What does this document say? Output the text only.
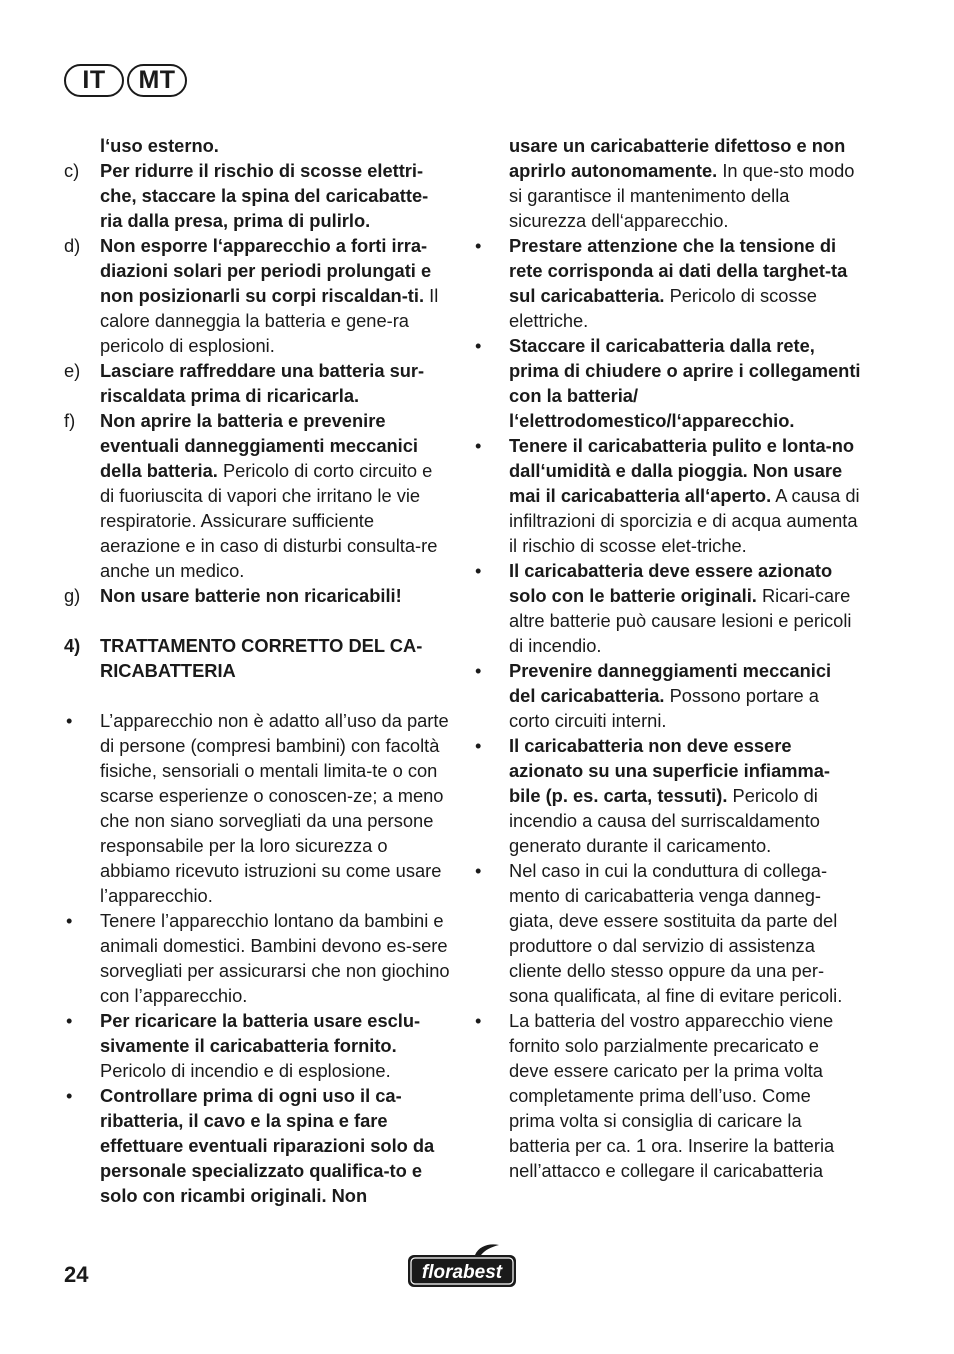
IT	MT
l‘uso esterno.
c)	Per ridurre il rischio di scosse elettri-che, staccare la spina del caricabatte-ria dalla presa, prima di pulirlo.
d)	Non esporre l‘apparecchio a forti irra-diazioni solari per periodi prolungati e non posizionarli su corpi riscaldan-ti. Il calore danneggia la batteria e gene-ra pericolo di esplosioni.
e)	Lasciare raffreddare una batteria sur-riscaldata prima di ricaricarla.
f)	Non aprire la batteria e prevenire eventuali danneggiamenti meccanici della batteria. Pericolo di corto circuito e di fuoriuscita di vapori che irritano le vie respiratorie. Assicurare sufficiente aerazione e in caso di disturbi consulta-re anche un medico.
g)	Non usare batterie non ricaricabili!
4)	TRATTAMENTO CORRETTO DEL CA-RICABATTERIA
•	L’apparecchio non è adatto all’uso da parte di persone (compresi bambini) con facoltà fisiche, sensoriali o mentali limita-te o con scarse esperienze o conoscen-ze; a meno che non siano sorvegliati da una persone responsabile per la loro sicurezza o abbiamo ricevuto istruzioni su come usare l’apparecchio.
•	Tenere l’apparecchio lontano da bambini e animali domestici. Bambini devono es-sere sorvegliati per assicurarsi che non giochino con l’apparecchio.
•	Per ricaricare la batteria usare esclu-sivamente il caricabatteria fornito. Pericolo di incendio e di esplosione.
•	Controllare prima di ogni uso il ca-ribatteria, il cavo e la spina e fare effettuare eventuali riparazioni solo da personale specializzato qualifica-to e solo con ricambi originali. Non
usare un caricabatterie difettoso e non aprirlo autonomamente. In que-sto modo si garantisce il mantenimento della sicurezza dell‘apparecchio.
•	Prestare attenzione che la tensione di rete corrisponda ai dati della targhet-ta sul caricabatteria. Pericolo di scosse elettriche.
•	Staccare il caricabatteria dalla rete, prima di chiudere o aprire i collegamenti con la batteria/ l‘elettrodomestico/l‘apparecchio.
•	Tenere il caricabatteria pulito e lonta-no dall‘umidità e dalla pioggia. Non usare mai il caricabatteria all‘aperto. A causa di infiltrazioni di sporcizia e di acqua aumenta il rischio di scosse elet-triche.
•	Il caricabatteria deve essere azionato solo con le batterie originali. Ricari-care altre batterie può causare lesioni e pericoli di incendio.
•	Prevenire danneggiamenti meccanici del caricabatteria. Possono portare a corto circuiti interni.
•	Il caricabatteria non deve essere azionato su una superficie infiamma-bile (p. es. carta, tessuti). Pericolo di incendio a causa del surriscaldamento generato durante il caricamento.
•	Nel caso in cui la conduttura di collega-mento di caricabatteria venga danneg-giata, deve essere sostituita da parte del produttore o dal servizio di assistenza cliente dello stesso oppure da una per-sona qualificata, al fine di evitare pericoli.
•	La batteria del vostro apparecchio viene fornito solo parzialmente precaricato e deve essere caricato per la prima volta completamente prima dell’uso. Come prima volta si consiglia di caricare la batteria per ca. 1 ora. Inserire la batteria nell’attacco e collegare il caricabatteria
24	florabest
